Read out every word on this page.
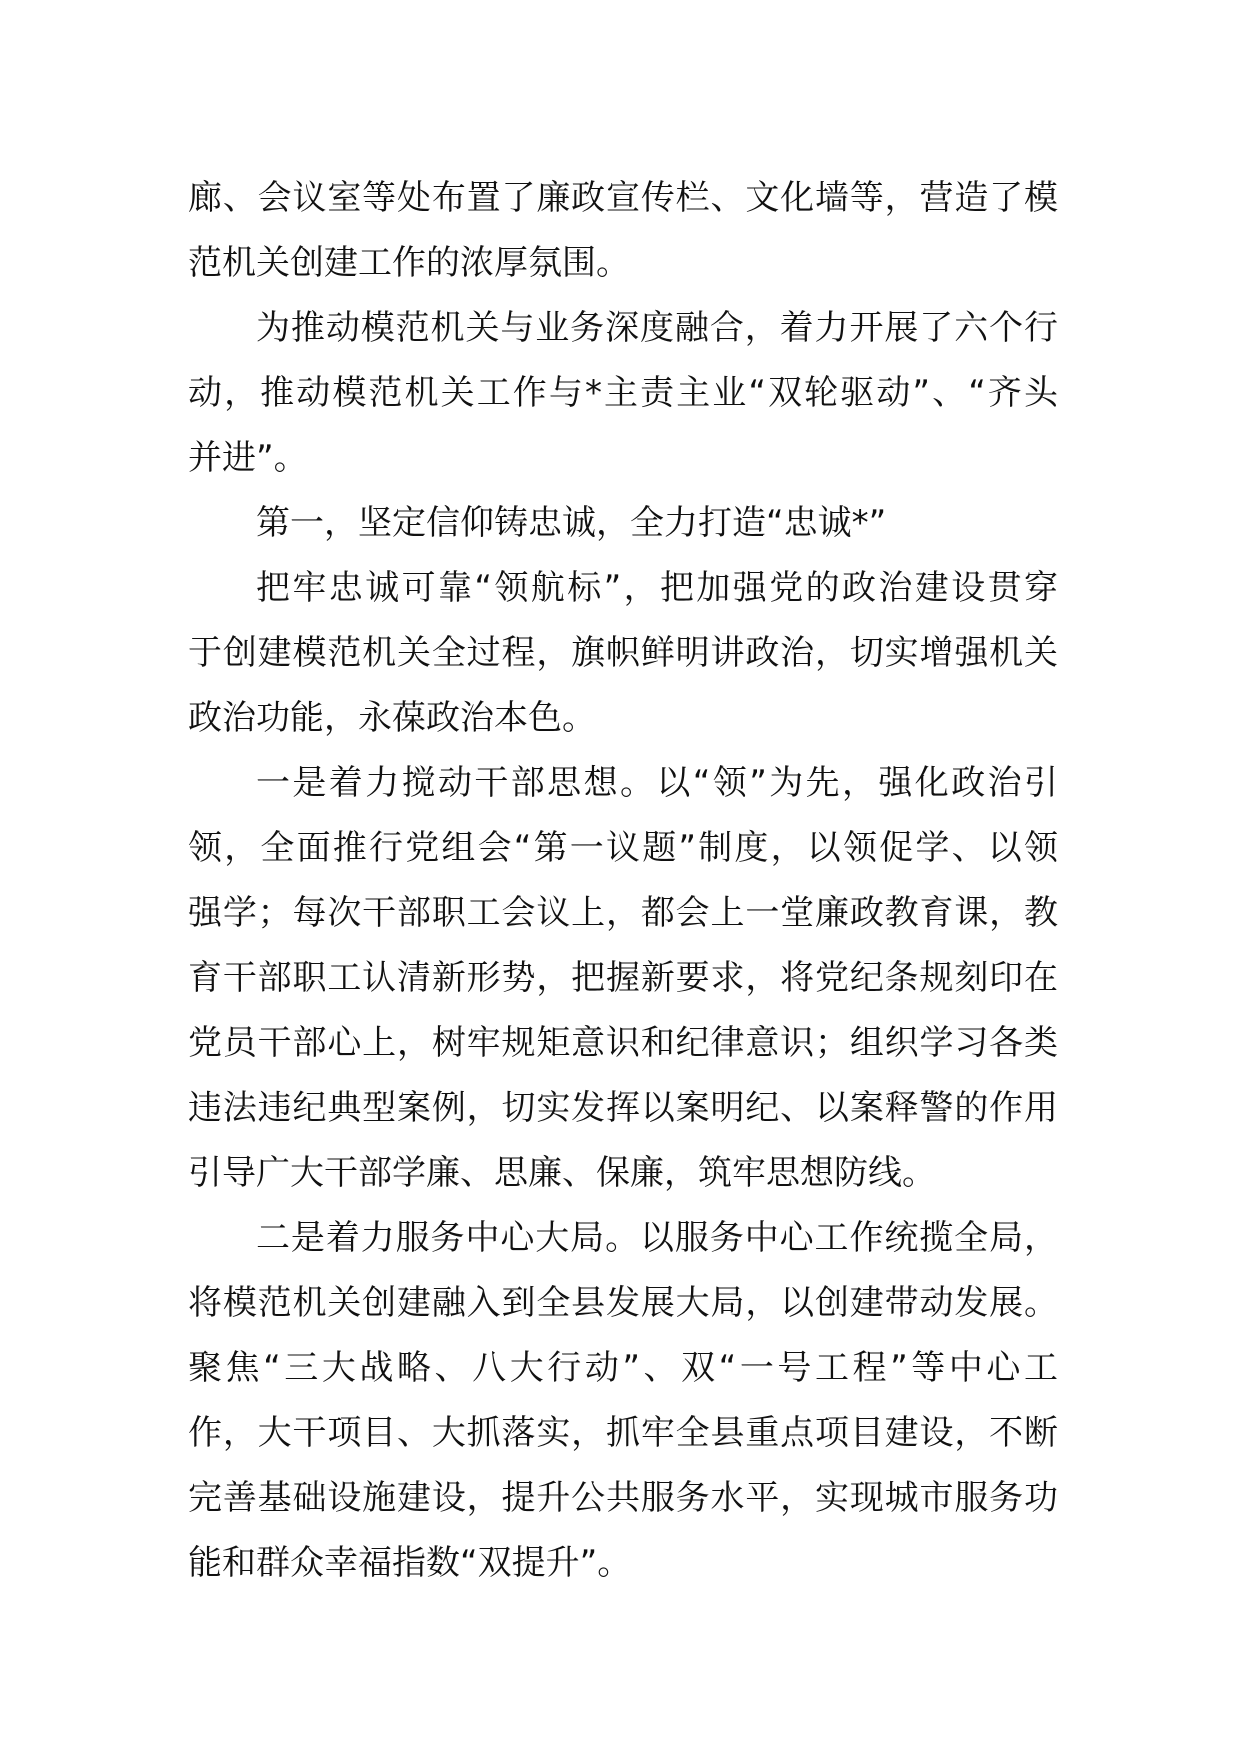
廊、会议室等处布置了廉政宣传栏、文化墙等，营造了模
范机关创建工作的浓厚氛围。
为推动模范机关与业务深度融合，着力开展了六个行
动，推动模范机关工作与*主责主业“双轮驱动”、“齐头
并进”。
第一，坚定信仰铸忠诚，全力打造“忠诚*”
把牢忠诚可靠“领航标”，把加强党的政治建设贯穿
于创建模范机关全过程，旗帜鲜明讲政治，切实增强机关
政治功能，永葆政治本色。
一是着力搅动干部思想。以“领”为先，强化政治引
领，全面推行党组会“第一议题”制度，以领促学、以领
强学；每次干部职工会议上，都会上一堂廉政教育课，教
育干部职工认清新形势，把握新要求，将党纪条规刻印在
党员干部心上，树牢规矩意识和纪律意识；组织学习各类
违法违纪典型案例，切实发挥以案明纪、以案释警的作用
引导广大干部学廉、思廉、保廉，筑牢思想防线。
二是着力服务中心大局。以服务中心工作统揽全局，
将模范机关创建融入到全县发展大局，以创建带动发展。
聚焦“三大战略、八大行动”、双“一号工程”等中心工
作，大干项目、大抓落实，抓牢全县重点项目建设，不断
完善基础设施建设，提升公共服务水平，实现城市服务功
能和群众幸福指数“双提升”。
